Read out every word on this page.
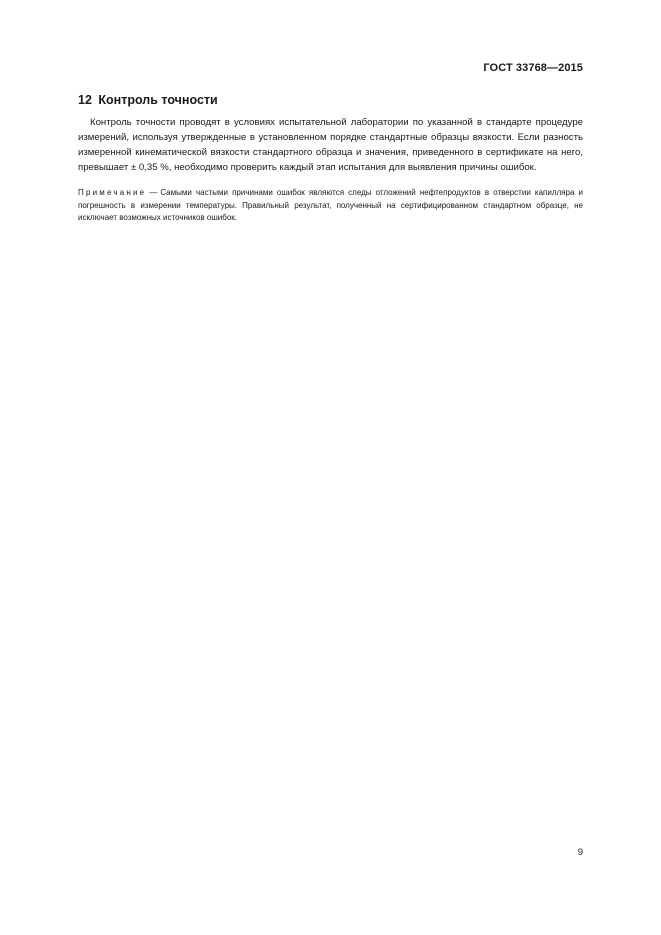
ГОСТ 33768—2015
12 Контроль точности

Контроль точности проводят в условиях испытательной лаборатории по указанной в стандарте процедуре измерений, используя утвержденные в установленном порядке стандартные образцы вязкости. Если разность измеренной кинематической вязкости стандартного образца и значения, приведенного в сертификате на него, превышает ± 0,35 %, необходимо проверить каждый этап испытания для выявления причины ошибок.

Примечание — Самыми частыми причинами ошибок являются следы отложений нефтепродуктов в отверстии капилляра и погрешность в измерении температуры. Правильный результат, полученный на сертифицированном стандартном образце, не исключает возможных источников ошибок.

9
